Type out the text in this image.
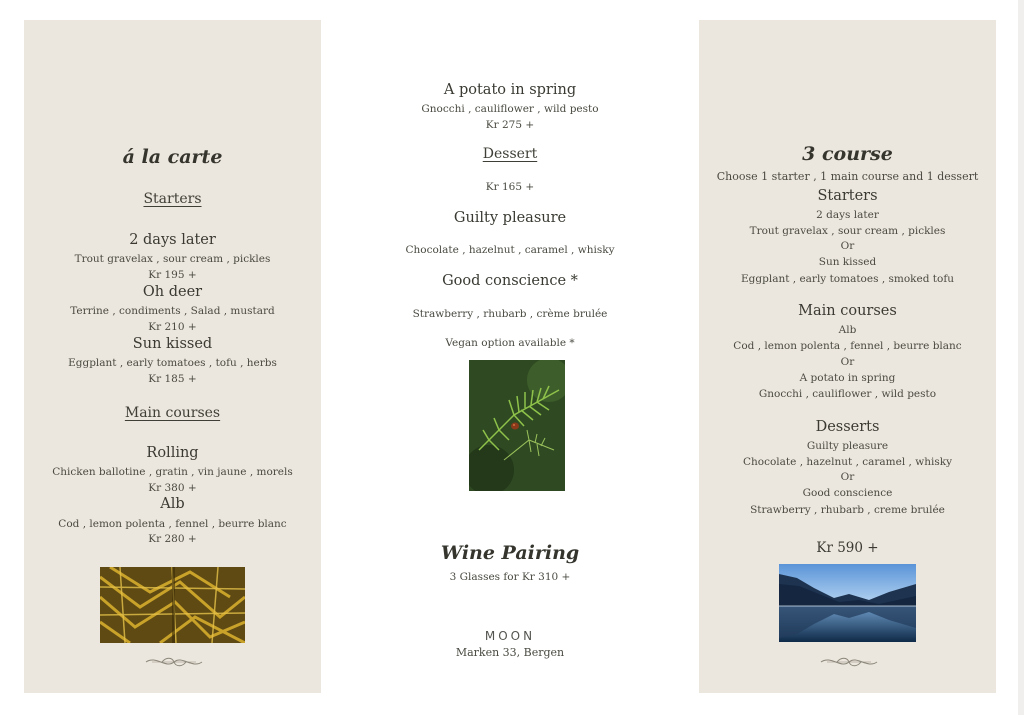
á la carte
Starters
2 days later
Trout gravelax , sour cream , pickles
Kr 195 +
Oh deer
Terrine , condiments , Salad , mustard
Kr 210 +
Sun kissed
Eggplant , early tomatoes , tofu , herbs
Kr 185 +
Main courses
Rolling
Chicken ballotine , gratin , vin jaune , morels
Kr 380 +
Alb
Cod , lemon polenta , fennel , beurre blanc
Kr 280 +
A potato in spring
Gnocchi , cauliflower , wild pesto
Kr 275 +
Dessert
Kr 165 +
Guilty pleasure
Chocolate , hazelnut , caramel , whisky
Good conscience *
Strawberry , rhubarb , crème brulée
Vegan option available *
Wine Pairing
3 Glasses for Kr 310 +
MOON
Marken 33, Bergen
3 course
Choose 1 starter , 1 main course and 1 dessert
Starters
2 days later
Trout gravelax , sour cream , pickles
Or
Sun kissed
Eggplant , early tomatoes , smoked tofu
Main courses
Alb
Cod , lemon polenta , fennel , beurre blanc
Or
A potato in spring
Gnocchi , cauliflower , wild pesto
Desserts
Guilty pleasure
Chocolate , hazelnut , caramel , whisky
Or
Good conscience
Strawberry , rhubarb , creme brulée
Kr 590 +
